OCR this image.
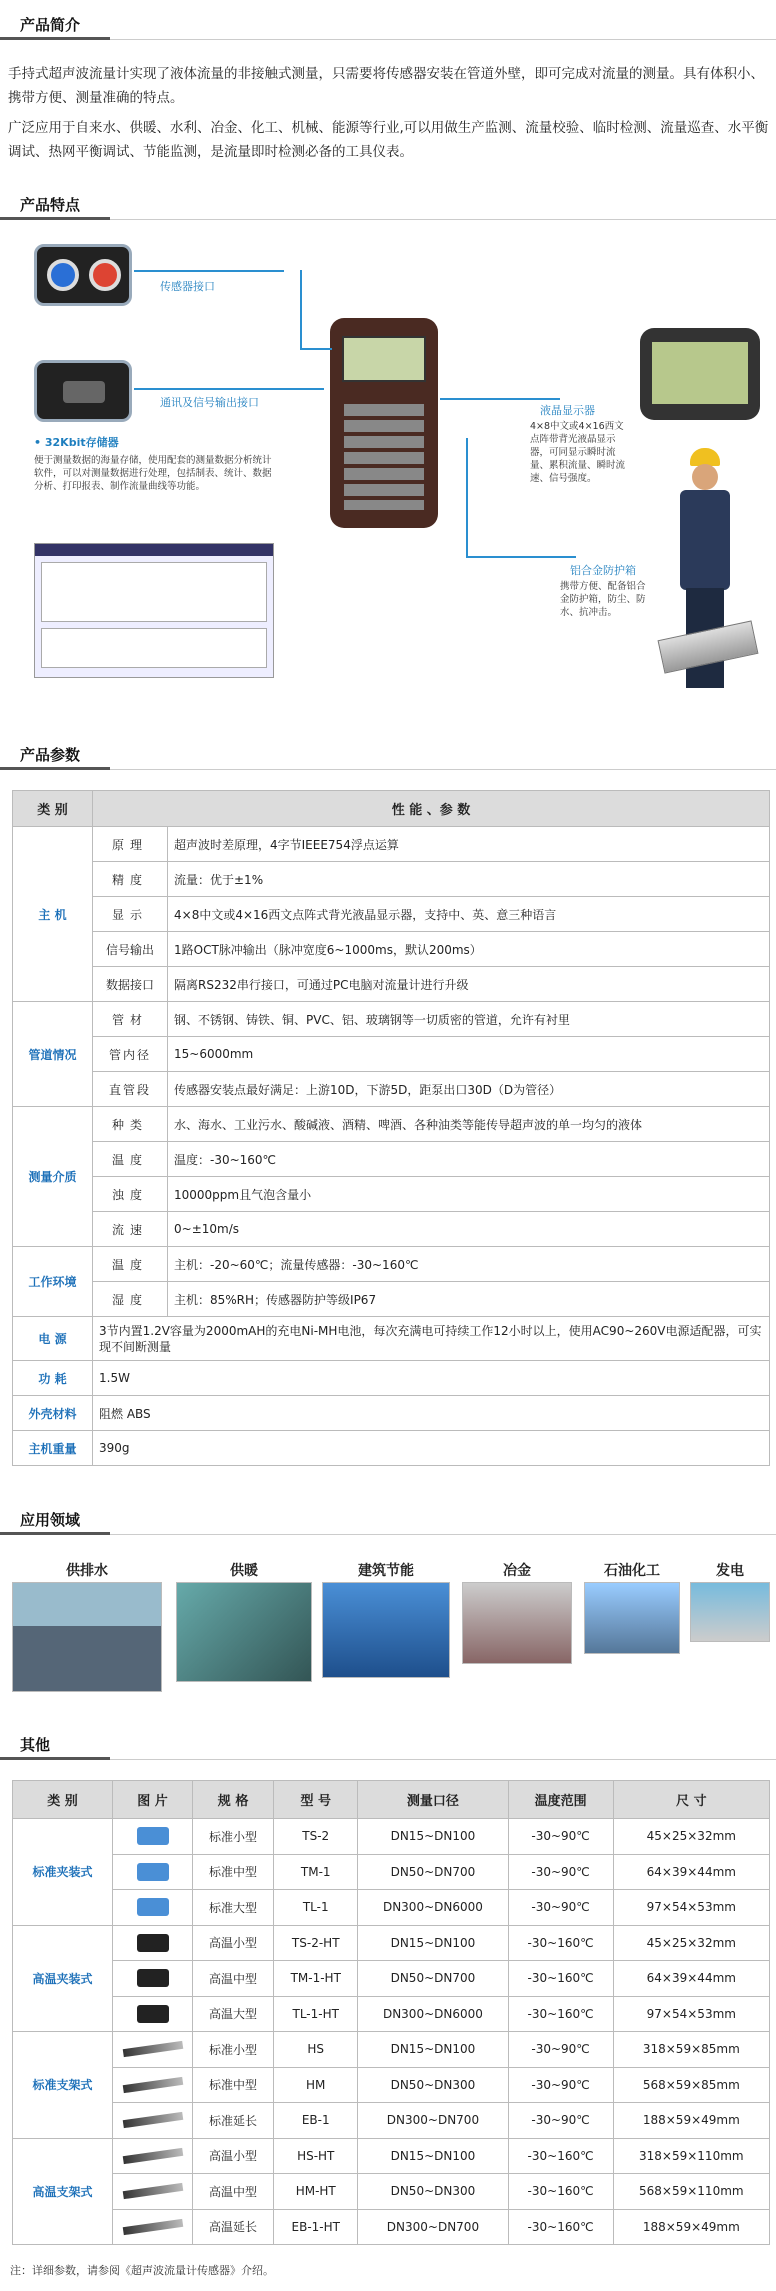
产品简介

手持式超声波流量计实现了液体流量的非接触式测量，只需要将传感器安装在管道外壁，即可完成对流量的测量。具有体积小、携带方便、测量准确的特点。

广泛应用于自来水、供暖、水利、冶金、化工、机械、能源等行业,可以用做生产监测、流量校验、临时检测、流量巡查、水平衡调试、热网平衡调试、节能监测，是流量即时检测必备的工具仪表。

产品特点
传感器接口
通讯及信号输出接口
• 32Kbit存储器
便于测量数据的海量存储，使用配套的测量数据分析统计软件，可以对测量数据进行处理，包括制表、统计、数据分析、打印报表、制作流量曲线等功能。
液晶显示器
4×8中文或4×16西文点阵带背光液晶显示器，可同显示瞬时流量、累积流量、瞬时流速、信号强度。
铝合金防护箱
携带方便、配备铝合金防护箱，防尘、防水、抗冲击。
产品参数
类 别	性 能 、参 数	
主 机	原理	超声波时差原理，4字节IEEE754浮点运算
	精度	流量：优于±1%
	显示	4×8中文或4×16西文点阵式背光液晶显示器，支持中、英、意三种语言
	信号输出	1路OCT脉冲输出（脉冲宽度6~1000ms，默认200ms）
	数据接口	隔离RS232串行接口，可通过PC电脑对流量计进行升级
管道情况	管材	钢、不锈钢、铸铁、铜、PVC、铝、玻璃钢等一切质密的管道，允许有衬里
	管内径	15~6000mm
	直管段	传感器安装点最好满足：上游10D，下游5D，距泵出口30D（D为管径）
测量介质	种类	水、海水、工业污水、酸碱液、酒精、啤酒、各种油类等能传导超声波的单一均匀的液体
	温度	温度：-30~160℃
	浊度	10000ppm且气泡含量小
	流速	0~±10m/s
工作环境	温度	主机：-20~60℃；流量传感器：-30~160℃
	湿度	主机：85%RH；传感器防护等级IP67
电 源	3节内置1.2V容量为2000mAH的充电Ni-MH电池，每次充满电可持续工作12小时以上，使用AC90~260V电源适配器，可实现不间断测量	
功 耗	1.5W	
外壳材料	阻燃 ABS	
主机重量	390g	
应用领域
供排水	供暖	建筑节能	冶金	石油化工	发电
其他
类 别	图 片	规 格	型 号	测量口径	温度范围	尺 寸
标准夹装式		标准小型	TS-2	DN15~DN100	-30~90℃	45×25×32mm

		标准中型	TM-1	DN50~DN700	-30~90℃	64×39×44mm

		标准大型	TL-1	DN300~DN6000	-30~90℃	97×54×53mm
高温夹装式		高温小型	TS-2-HT	DN15~DN100	-30~160℃	45×25×32mm

		高温中型	TM-1-HT	DN50~DN700	-30~160℃	64×39×44mm

		高温大型	TL-1-HT	DN300~DN6000	-30~160℃	97×54×53mm
标准支架式		标准小型	HS	DN15~DN100	-30~90℃	318×59×85mm

		标准中型	HM	DN50~DN300	-30~90℃	568×59×85mm

		标准延长	EB-1	DN300~DN700	-30~90℃	188×59×49mm
高温支架式		高温小型	HS-HT	DN15~DN100	-30~160℃	318×59×110mm

		高温中型	HM-HT	DN50~DN300	-30~160℃	568×59×110mm

		高温延长	EB-1-HT	DN300~DN700	-30~160℃	188×59×49mm
注：详细参数，请参阅《超声波流量计传感器》介绍。
